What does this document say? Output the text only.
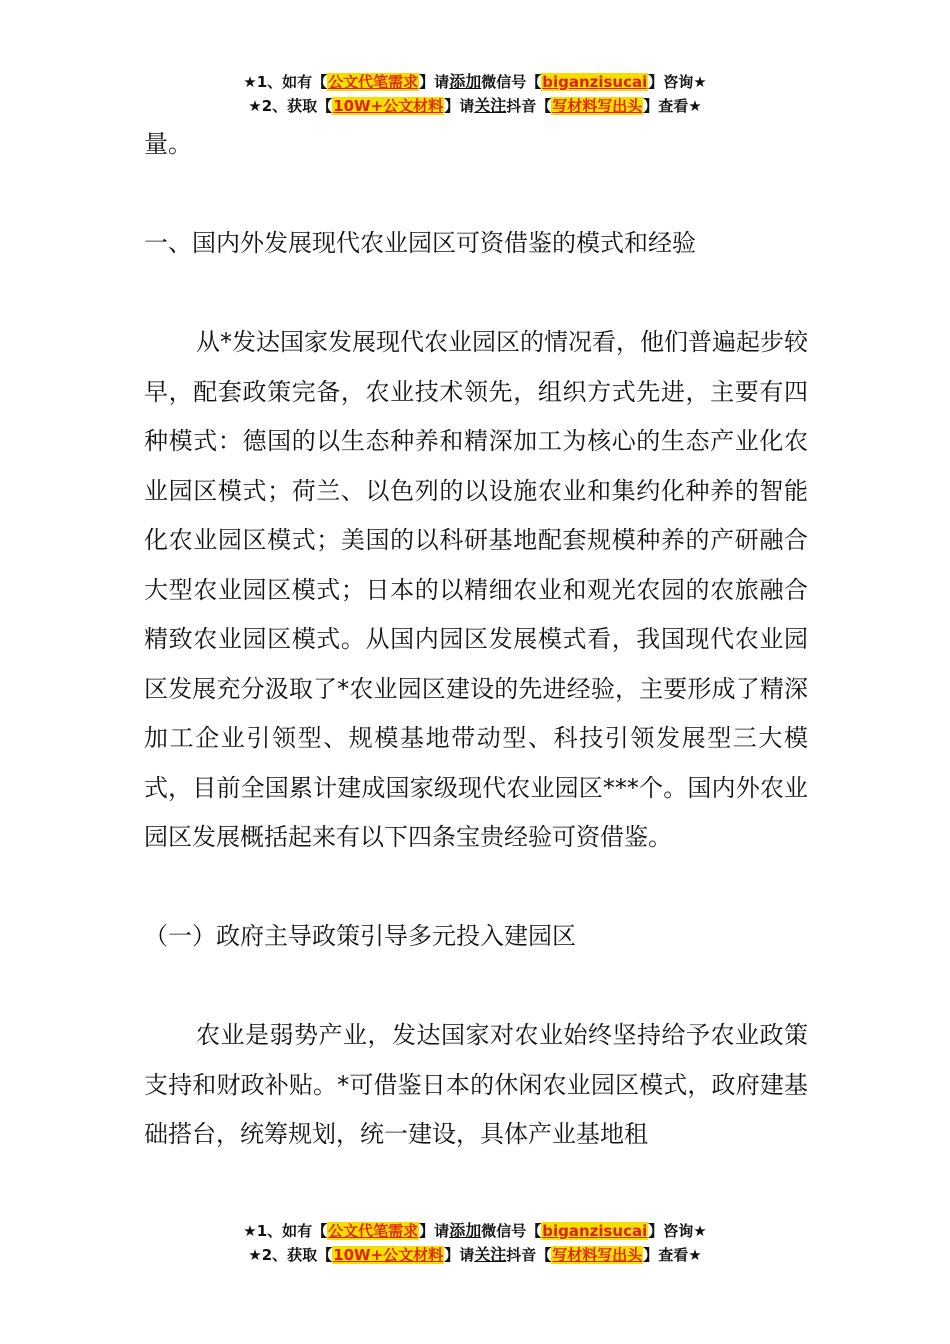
★1、如有【公文代笔需求】请添加微信号【biganzisucai】咨询★
★2、获取【10W+公文材料】请关注抖音【写材料写出头】查看★

量。

一、国内外发展现代农业园区可资借鉴的模式和经验

从*发达国家发展现代农业园区的情况看，他们普遍起步较早，配套政策完备，农业技术领先，组织方式先进，主要有四种模式：德国的以生态种养和精深加工为核心的生态产业化农业园区模式；荷兰、以色列的以设施农业和集约化种养的智能化农业园区模式；美国的以科研基地配套规模种养的产研融合大型农业园区模式；日本的以精细农业和观光农园的农旅融合精致农业园区模式。从国内园区发展模式看，我国现代农业园区发展充分汲取了*农业园区建设的先进经验，主要形成了精深加工企业引领型、规模基地带动型、科技引领发展型三大模式，目前全国累计建成国家级现代农业园区***个。国内外农业园区发展概括起来有以下四条宝贵经验可资借鉴。

（一）政府主导政策引导多元投入建园区

农业是弱势产业，发达国家对农业始终坚持给予农业政策支持和财政补贴。*可借鉴日本的休闲农业园区模式，政府建基础搭台，统筹规划，统一建设，具体产业基地租

★1、如有【公文代笔需求】请添加微信号【biganzisucai】咨询★
★2、获取【10W+公文材料】请关注抖音【写材料写出头】查看★
